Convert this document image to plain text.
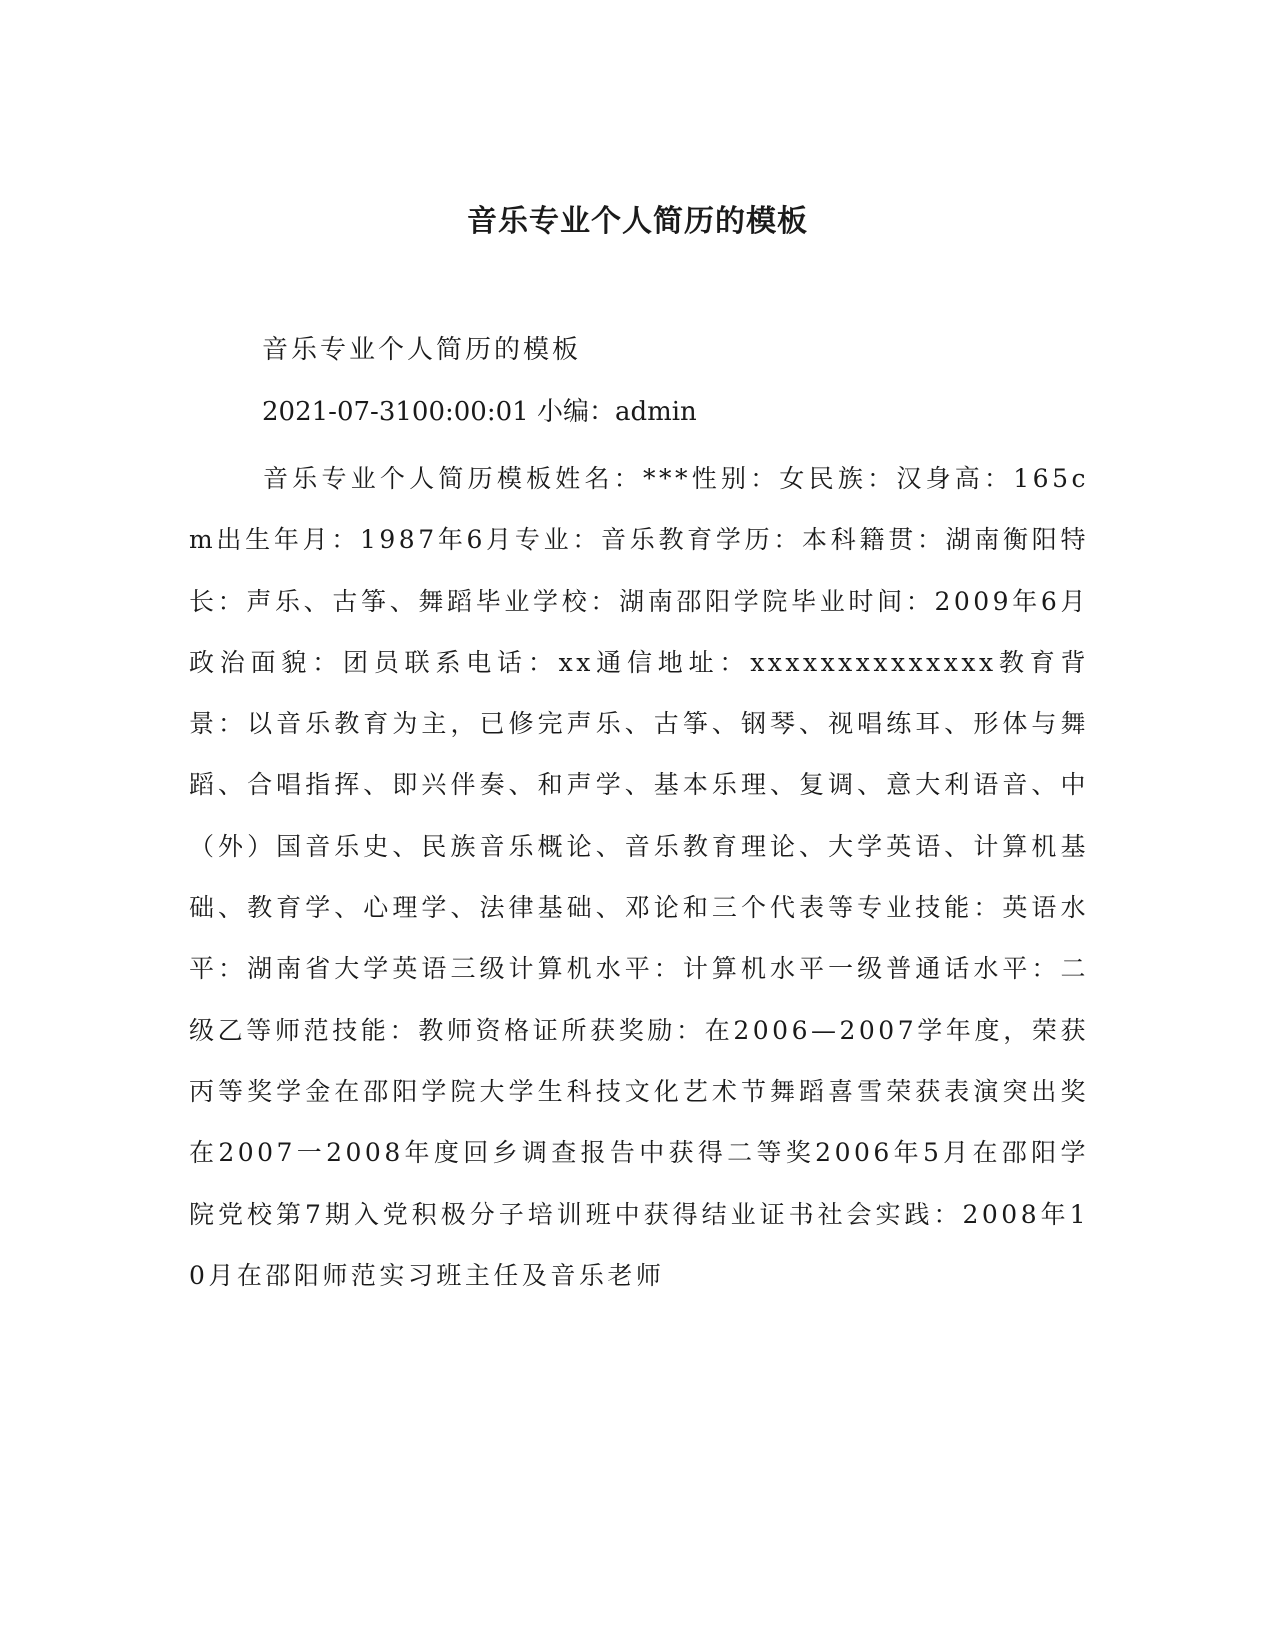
音乐专业个人简历的模板

音乐专业个人简历的模板

2021-07-3100:00:01 小编：admin

音乐专业个人简历模板姓名：***性别：女民族：汉身高：165cm出生年月：1987年6月专业：音乐教育学历：本科籍贯：湖南衡阳特长：声乐、古筝、舞蹈毕业学校：湖南邵阳学院毕业时间：2009年6月政治面貌：团员联系电话：xx通信地址：xxxxxxxxxxxxxx教育背景：以音乐教育为主，已修完声乐、古筝、钢琴、视唱练耳、形体与舞蹈、合唱指挥、即兴伴奏、和声学、基本乐理、复调、意大利语音、中（外）国音乐史、民族音乐概论、音乐教育理论、大学英语、计算机基础、教育学、心理学、法律基础、邓论和三个代表等专业技能：英语水平：湖南省大学英语三级计算机水平：计算机水平一级普通话水平：二级乙等师范技能：教师资格证所获奖励：在2006—2007学年度，荣获丙等奖学金在邵阳学院大学生科技文化艺术节舞蹈喜雪荣获表演突出奖在2007一2008年度回乡调查报告中获得二等奖2006年5月在邵阳学院党校第7期入党积极分子培训班中获得结业证书社会实践：2008年10月在邵阳师范实习班主任及音乐老师
